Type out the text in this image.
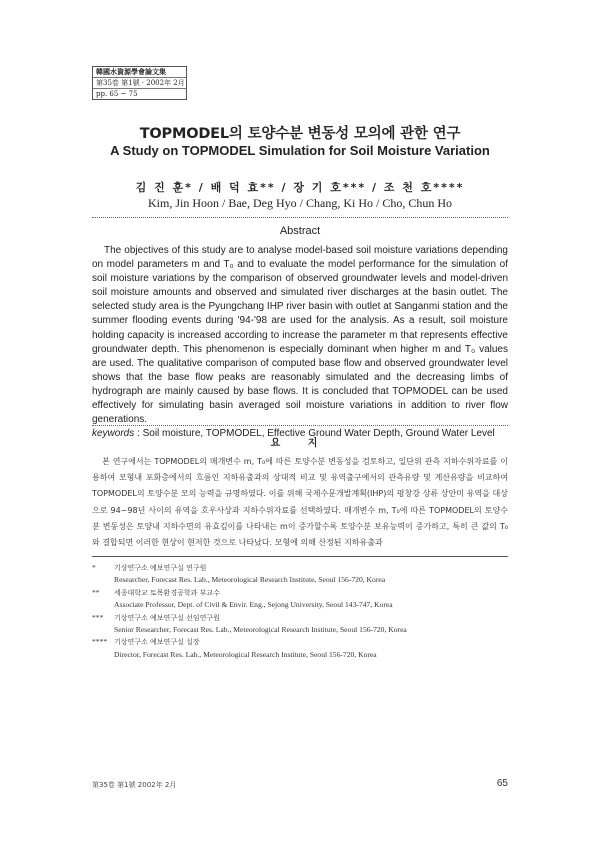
韓國水資源學會論文集
第35卷 第1號 · 2002年 2月
pp. 65 ~ 75
TOPMODEL의 토양수분 변동성 모의에 관한 연구
A Study on TOPMODEL Simulation for Soil Moisture Variation
김 진 훈* / 배 덕 효** / 장 기 호*** / 조 천 호****
Kim, Jin Hoon / Bae, Deg Hyo / Chang, Ki Ho / Cho, Chun Ho
Abstract

The objectives of this study are to analyse model-based soil moisture variations depending on model parameters m and T₀ and to evaluate the model performance for the simulation of soil moisture variations by the comparison of observed groundwater levels and model-driven soil moisture amounts and observed and simulated river discharges at the basin outlet. The selected study area is the Pyungchang IHP river basin with outlet at Sanganmi station and the summer flooding events during '94-'98 are used for the analysis. As a result, soil moisture holding capacity is increased according to increase the parameter m that represents effective groundwater depth. This phenomenon is especially dominant when higher m and T₀ values are used. The qualitative comparison of computed base flow and observed groundwater level shows that the base flow peaks are reasonably simulated and the decreasing limbs of hydrograph are mainly caused by base flows. It is concluded that TOPMODEL can be used effectively for simulating basin averaged soil moisture variations in addition to river flow generations.

keywords : Soil moisture, TOPMODEL, Effective Ground Water Depth, Ground Water Level
요 지

본 연구에서는 TOPMODEL의 매개변수 m, T₀에 따른 토양수분 변동성을 검토하고, 일단위 관측 지하수위자료를 이용하여 모형내 포화층에서의 흐름인 지하유출과의 상대적 비교 및 유역출구에서의 관측유량 및 계산유량을 비교하여 TOPMODEL의 토양수분 모의 능력을 규명하였다. 이를 위해 국제수문개발계획(IHP)의 평창강 상류 상안미 유역을 대상으로 94~98년 사이의 유역을 호우사상과 지하수위자료를 선택하였다. 매개변수 m, T₀에 따른 TOPMODEL의 토양수분 변동성은 토양내 지하수면의 유효깊이를 나타내는 m이 증가할수록 토양수분 보유능력이 증가하고, 특히 큰 값의 T₀와 결합되면 이러한 현상이 현저한 것으로 나타났다. 모형에 의해 산정된 지하유출과

*	기상연구소 예보연구실 연구원
Researcher, Forecast Res. Lab., Meteorological Research Institute, Seoul 156-720, Korea
** 세종대학교 토목환경공학과 부교수
Associate Professor, Dept. of Civil & Envir. Eng., Sejong University, Seoul 143-747, Korea
*** 기상연구소 예보연구실 선임연구원
Senior Researcher, Forecast Res. Lab., Meteorological Research Institute, Seoul 156-720, Korea
**** 기상연구소 예보연구실 실장
Director, Forecast Res. Lab., Meteorological Research Institute, Seoul 156-720, Korea
第35卷 第1號 2002年 2月	65
